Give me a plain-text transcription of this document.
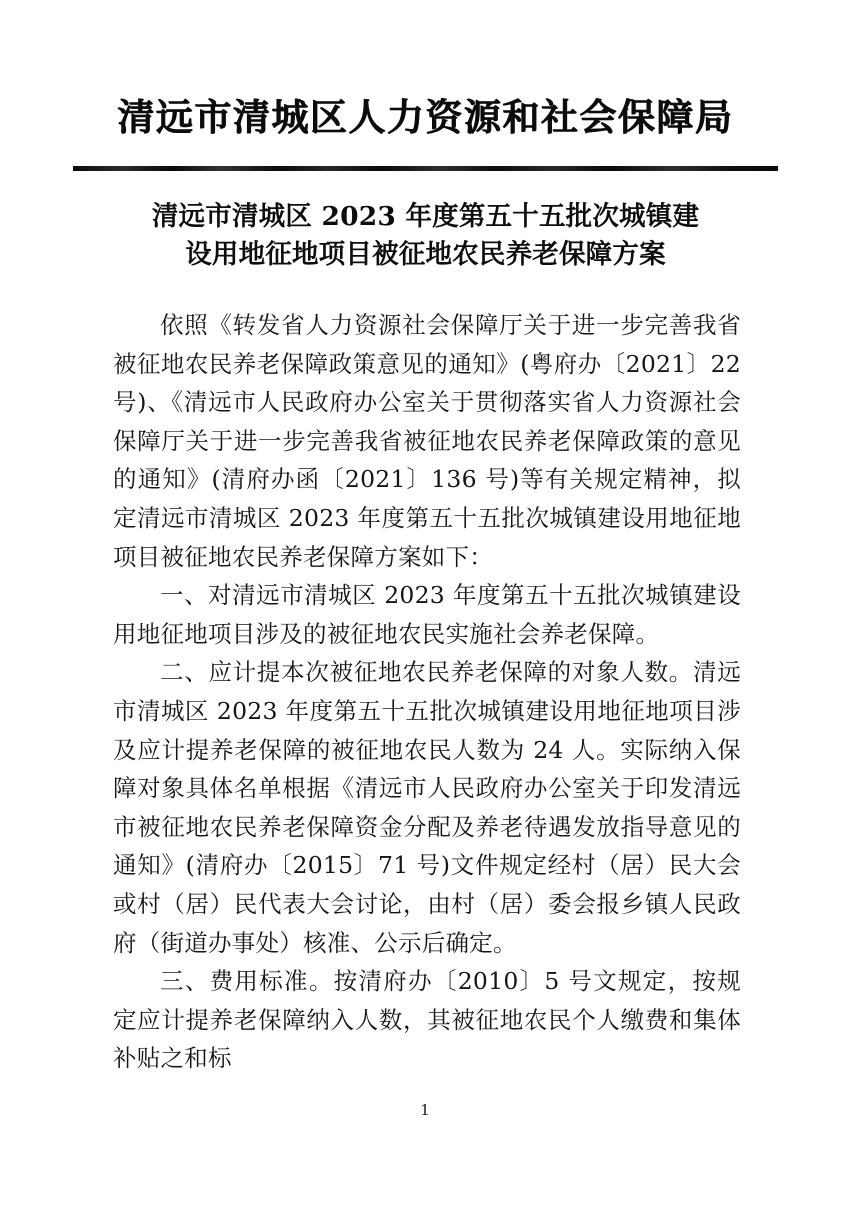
清远市清城区人力资源和社会保障局
清远市清城区 2023 年度第五十五批次城镇建
设用地征地项目被征地农民养老保障方案

依照《转发省人力资源社会保障厅关于进一步完善我省被征地农民养老保障政策意见的通知》(粤府办〔2021〕22 号)、《清远市人民政府办公室关于贯彻落实省人力资源社会保障厅关于进一步完善我省被征地农民养老保障政策的意见的通知》(清府办函〔2021〕136 号)等有关规定精神，拟定清远市清城区 2023 年度第五十五批次城镇建设用地征地项目被征地农民养老保障方案如下：

一、对清远市清城区 2023 年度第五十五批次城镇建设用地征地项目涉及的被征地农民实施社会养老保障。

二、应计提本次被征地农民养老保障的对象人数。清远市清城区 2023 年度第五十五批次城镇建设用地征地项目涉及应计提养老保障的被征地农民人数为 24 人。实际纳入保障对象具体名单根据《清远市人民政府办公室关于印发清远市被征地农民养老保障资金分配及养老待遇发放指导意见的通知》(清府办〔2015〕71 号)文件规定经村（居）民大会或村（居）民代表大会讨论，由村（居）委会报乡镇人民政府（街道办事处）核准、公示后确定。

三、费用标准。按清府办〔2010〕5 号文规定，按规定应计提养老保障纳入人数，其被征地农民个人缴费和集体补贴之和标

1
